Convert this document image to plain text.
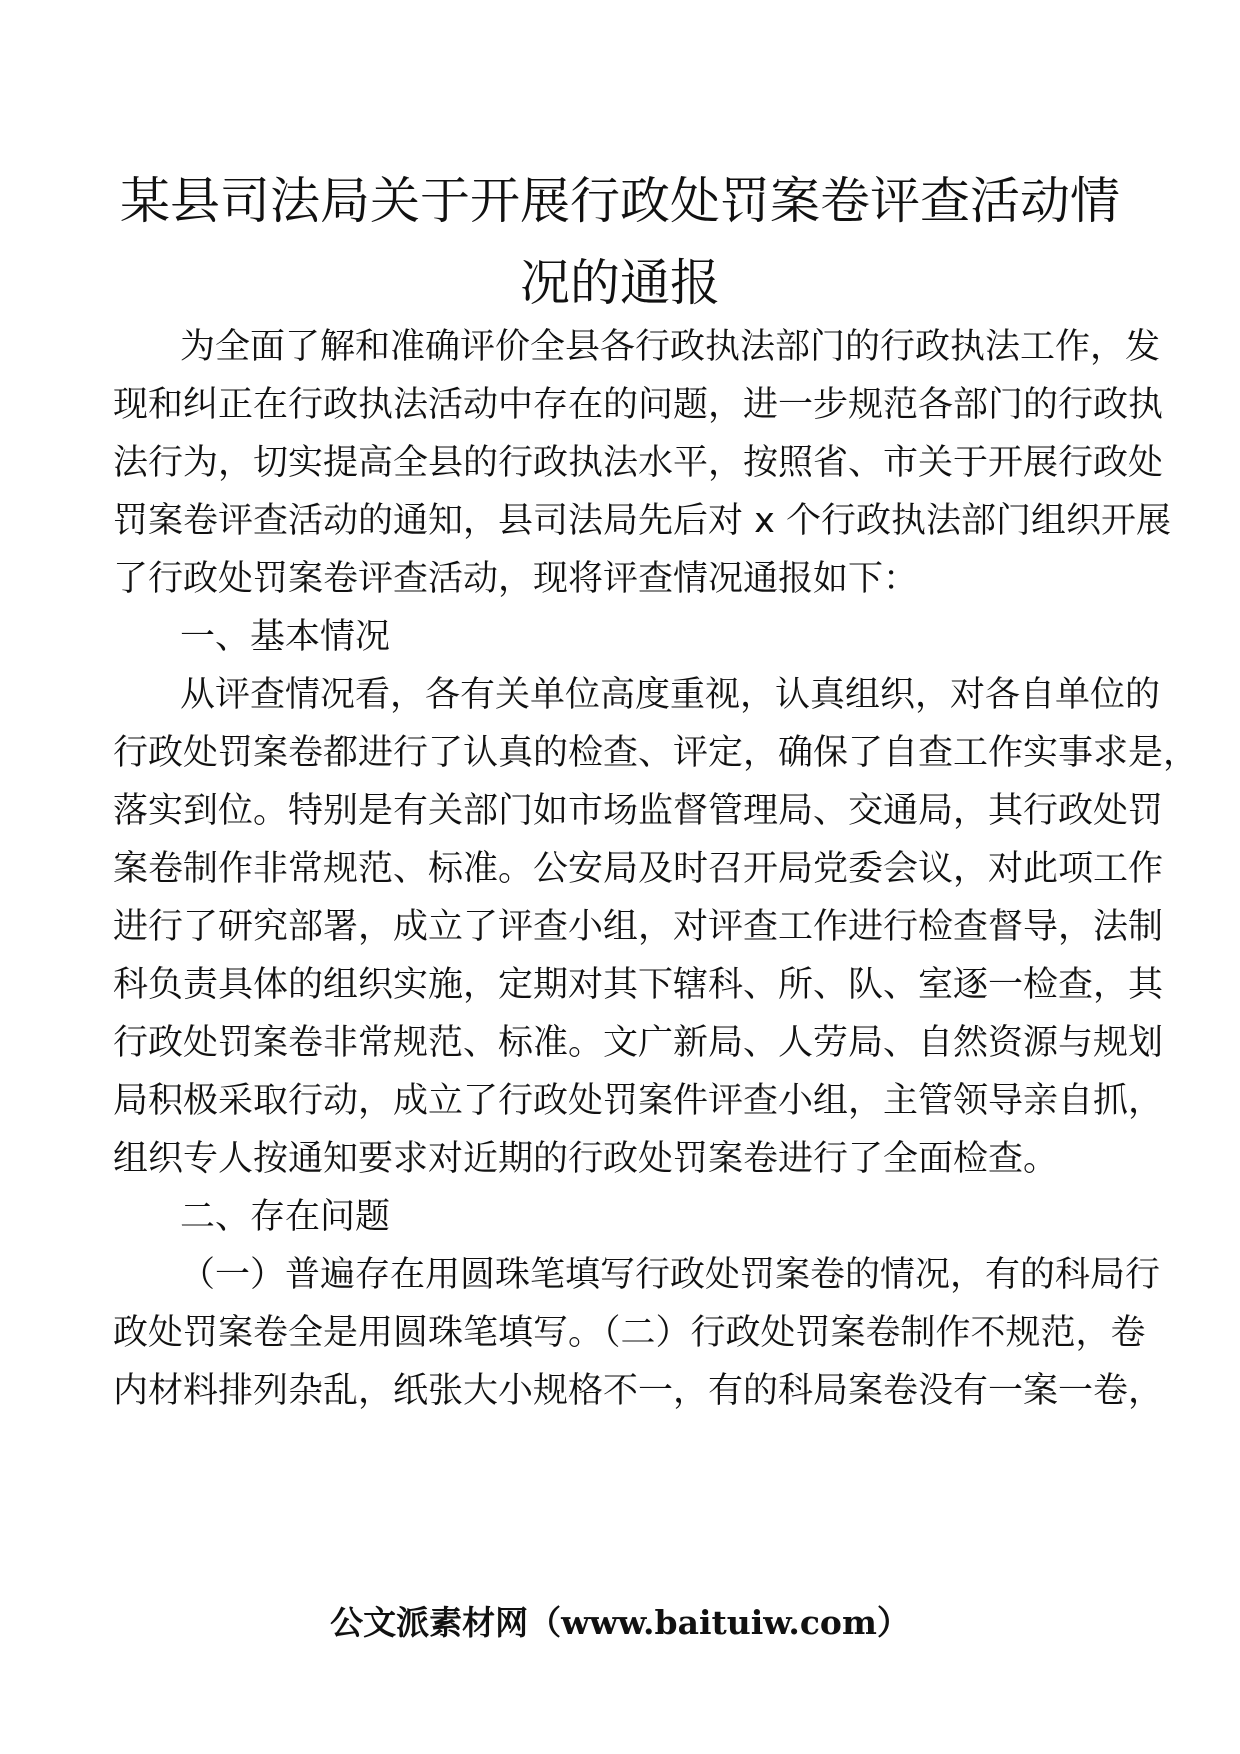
某县司法局关于开展行政处罚案卷评查活动情况的通报

为全面了解和准确评价全县各行政执法部门的行政执法工作，发

现和纠正在行政执法活动中存在的问题，进一步规范各部门的行政执

法行为，切实提高全县的行政执法水平，按照省、市关于开展行政处

罚案卷评查活动的通知，县司法局先后对 x 个行政执法部门组织开展

了行政处罚案卷评查活动，现将评查情况通报如下：

一、基本情况

从评查情况看，各有关单位高度重视，认真组织，对各自单位的

行政处罚案卷都进行了认真的检查、评定，确保了自查工作实事求是，

落实到位。特别是有关部门如市场监督管理局、交通局，其行政处罚

案卷制作非常规范、标准。公安局及时召开局党委会议，对此项工作

进行了研究部署，成立了评查小组，对评查工作进行检查督导，法制

科负责具体的组织实施，定期对其下辖科、所、队、室逐一检查，其

行政处罚案卷非常规范、标准。文广新局、人劳局、自然资源与规划

局积极采取行动，成立了行政处罚案件评查小组，主管领导亲自抓，

组织专人按通知要求对近期的行政处罚案卷进行了全面检查。

二、存在问题

（一）普遍存在用圆珠笔填写行政处罚案卷的情况，有的科局行

政处罚案卷全是用圆珠笔填写。（二）行政处罚案卷制作不规范，卷

内材料排列杂乱，纸张大小规格不一，有的科局案卷没有一案一卷，

公文派素材网（www.baituiw.com）
